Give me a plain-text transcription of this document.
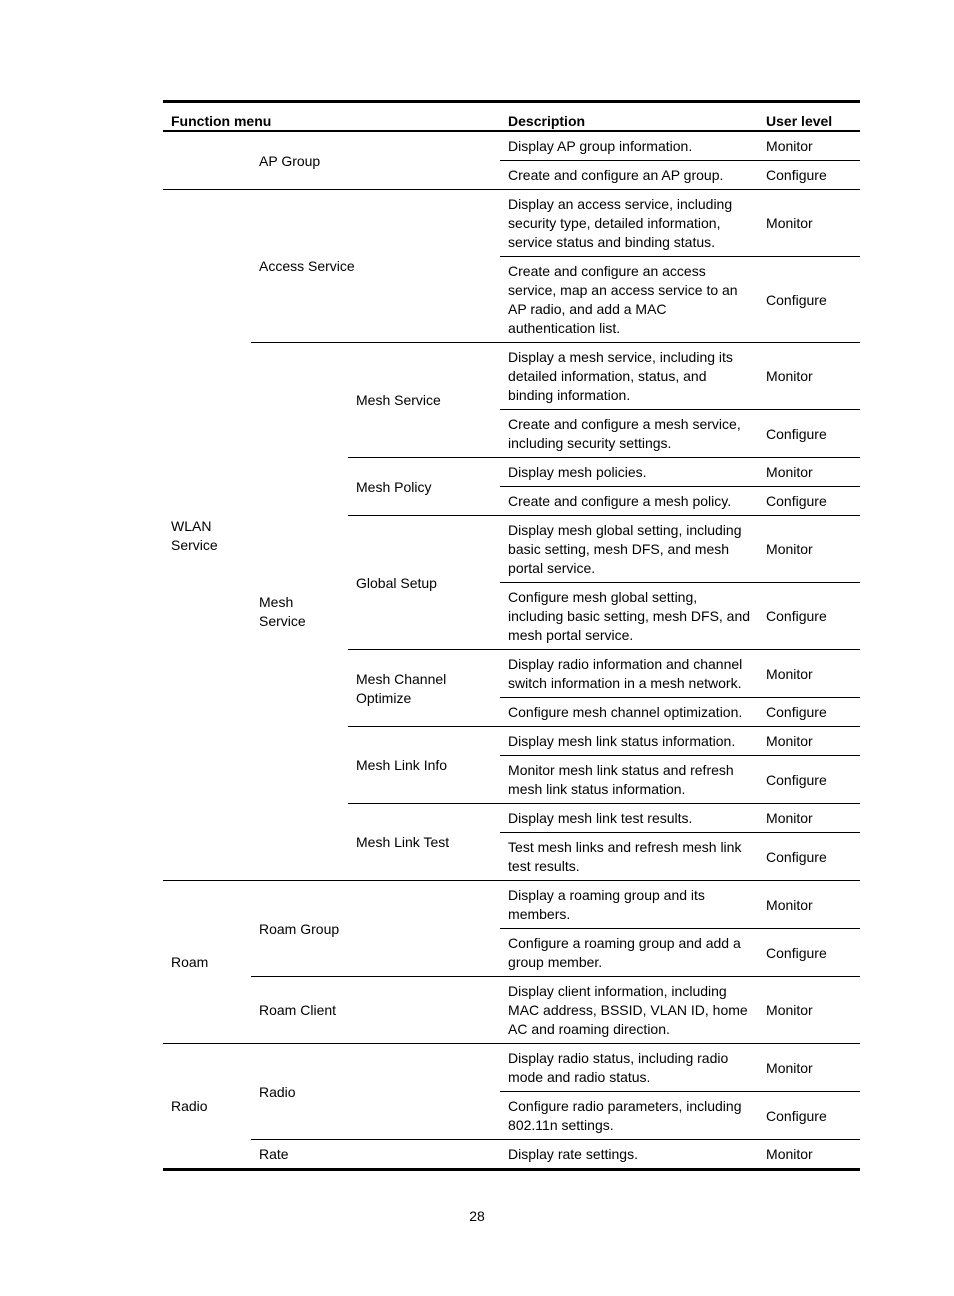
Function menu			Description	User level
	AP Group		Display AP group information.	Monitor
			Create and configure an AP group.	Configure
WLAN Service	Access Service		Display an access service, including security type, detailed information, service status and binding status.	Monitor
			Create and configure an access service, map an access service to an AP radio, and add a MAC authentication list.	Configure
	Mesh Service	Mesh Service	Display a mesh service, including its detailed information, status, and binding information.	Monitor
			Create and configure a mesh service, including security settings.	Configure
		Mesh Policy	Display mesh policies.	Monitor
			Create and configure a mesh policy.	Configure
		Global Setup	Display mesh global setting, including basic setting, mesh DFS, and mesh portal service.	Monitor
			Configure mesh global setting, including basic setting, mesh DFS, and mesh portal service.	Configure
		Mesh Channel Optimize	Display radio information and channel switch information in a mesh network.	Monitor
			Configure mesh channel optimization.	Configure
		Mesh Link Info	Display mesh link status information.	Monitor
			Monitor mesh link status and refresh mesh link status information.	Configure
		Mesh Link Test	Display mesh link test results.	Monitor
			Test mesh links and refresh mesh link test results.	Configure
Roam	Roam Group		Display a roaming group and its members.	Monitor
			Configure a roaming group and add a group member.	Configure
	Roam Client		Display client information, including MAC address, BSSID, VLAN ID, home AC and roaming direction.	Monitor
Radio	Radio		Display radio status, including radio mode and radio status.	Monitor
			Configure radio parameters, including 802.11n settings.	Configure
	Rate		Display rate settings.	Monitor
28
